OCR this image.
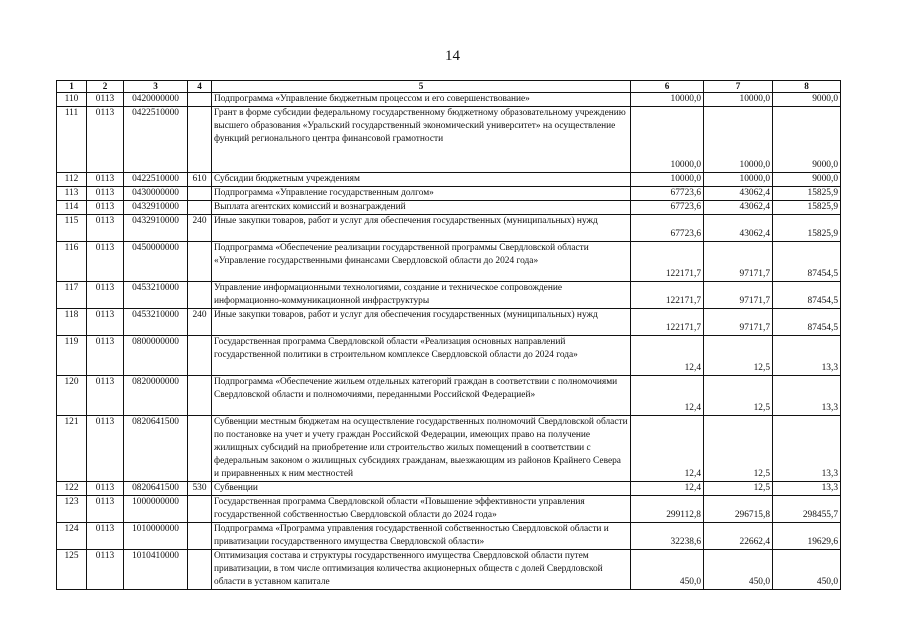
14
1	2	3	4	5	6	7	8
110	0113	0420000000		Подпрограмма «Управление бюджетным процессом и его совершенствование»	10000,0	10000,0	9000,0
111	0113	0422510000		Грант в форме субсидии федеральному государственному бюджетному образовательному учреждению высшего образования «Уральский государственный экономический университет» на осуществление функций регионального центра финансовой грамотности	10000,0	10000,0	9000,0
112	0113	0422510000	610	Субсидии бюджетным учреждениям	10000,0	10000,0	9000,0
113	0113	0430000000		Подпрограмма «Управление государственным долгом»	67723,6	43062,4	15825,9
114	0113	0432910000		Выплата агентских комиссий и вознаграждений	67723,6	43062,4	15825,9
115	0113	0432910000	240	Иные закупки товаров, работ и услуг для обеспечения государственных (муниципальных) нужд	67723,6	43062,4	15825,9
116	0113	0450000000		Подпрограмма «Обеспечение реализации государственной программы Свердловской области «Управление государственными финансами Свердловской области до 2024 года»	122171,7	97171,7	87454,5
117	0113	0453210000		Управление информационными технологиями, создание и техническое сопровождение информационно-коммуникационной инфраструктуры	122171,7	97171,7	87454,5
118	0113	0453210000	240	Иные закупки товаров, работ и услуг для обеспечения государственных (муниципальных) нужд	122171,7	97171,7	87454,5
119	0113	0800000000		Государственная программа Свердловской области «Реализация основных направлений государственной политики в строительном комплексе Свердловской области до 2024 года»	12,4	12,5	13,3
120	0113	0820000000		Подпрограмма «Обеспечение жильем отдельных категорий граждан в соответствии с полномочиями Свердловской области и полномочиями, переданными Российской Федерацией»	12,4	12,5	13,3
121	0113	0820641500		Субвенции местным бюджетам на осуществление государственных полномочий Свердловской области по постановке на учет и учету граждан Российской Федерации, имеющих право на получение жилищных субсидий на приобретение или строительство жилых помещений в соответствии с федеральным законом о жилищных субсидиях гражданам, выезжающим из районов Крайнего Севера и приравненных к ним местностей	12,4	12,5	13,3
122	0113	0820641500	530	Субвенции	12,4	12,5	13,3
123	0113	1000000000		Государственная программа Свердловской области «Повышение эффективности управления государственной собственностью Свердловской области до 2024 года»	299112,8	296715,8	298455,7
124	0113	1010000000		Подпрограмма «Программа управления государственной собственностью Свердловской области и приватизации государственного имущества Свердловской области»	32238,6	22662,4	19629,6
125	0113	1010410000		Оптимизация состава и структуры государственного имущества Свердловской области путем приватизации, в том числе оптимизация количества акционерных обществ с долей Свердловской области в уставном капитале	450,0	450,0	450,0
